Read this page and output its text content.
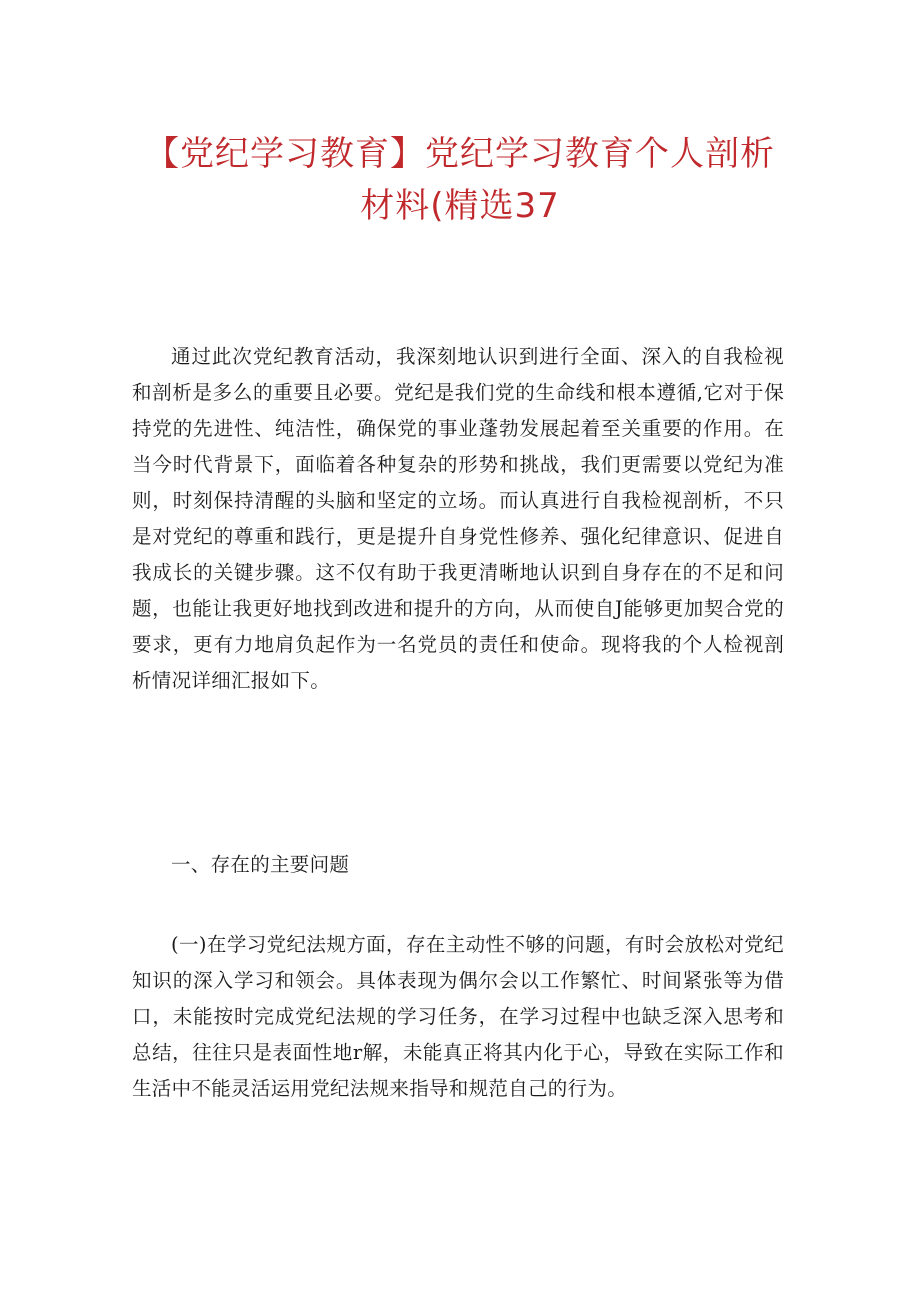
【党纪学习教育】党纪学习教育个人剖析
材料(精选37

通过此次党纪教育活动，我深刻地认识到进行全面、深入的自我检视和剖析是多么的重要且必要。党纪是我们党的生命线和根本遵循,它对于保持党的先进性、纯洁性，确保党的事业蓬勃发展起着至关重要的作用。在当今时代背景下，面临着各种复杂的形势和挑战，我们更需要以党纪为准则，时刻保持清醒的头脑和坚定的立场。而认真进行自我检视剖析，不只是对党纪的尊重和践行，更是提升自身党性修养、强化纪律意识、促进自我成长的关键步骤。这不仅有助于我更清晰地认识到自身存在的不足和问题，也能让我更好地找到改进和提升的方向，从而使自J能够更加契合党的要求，更有力地肩负起作为一名党员的责任和使命。现将我的个人检视剖析情况详细汇报如下。

一、存在的主要问题

(一)在学习党纪法规方面，存在主动性不够的问题，有时会放松对党纪知识的深入学习和领会。具体表现为偶尔会以工作繁忙、时间紧张等为借口，未能按时完成党纪法规的学习任务，在学习过程中也缺乏深入思考和总结，往往只是表面性地r解，未能真正将其内化于心，导致在实际工作和生活中不能灵活运用党纪法规来指导和规范自己的行为。
